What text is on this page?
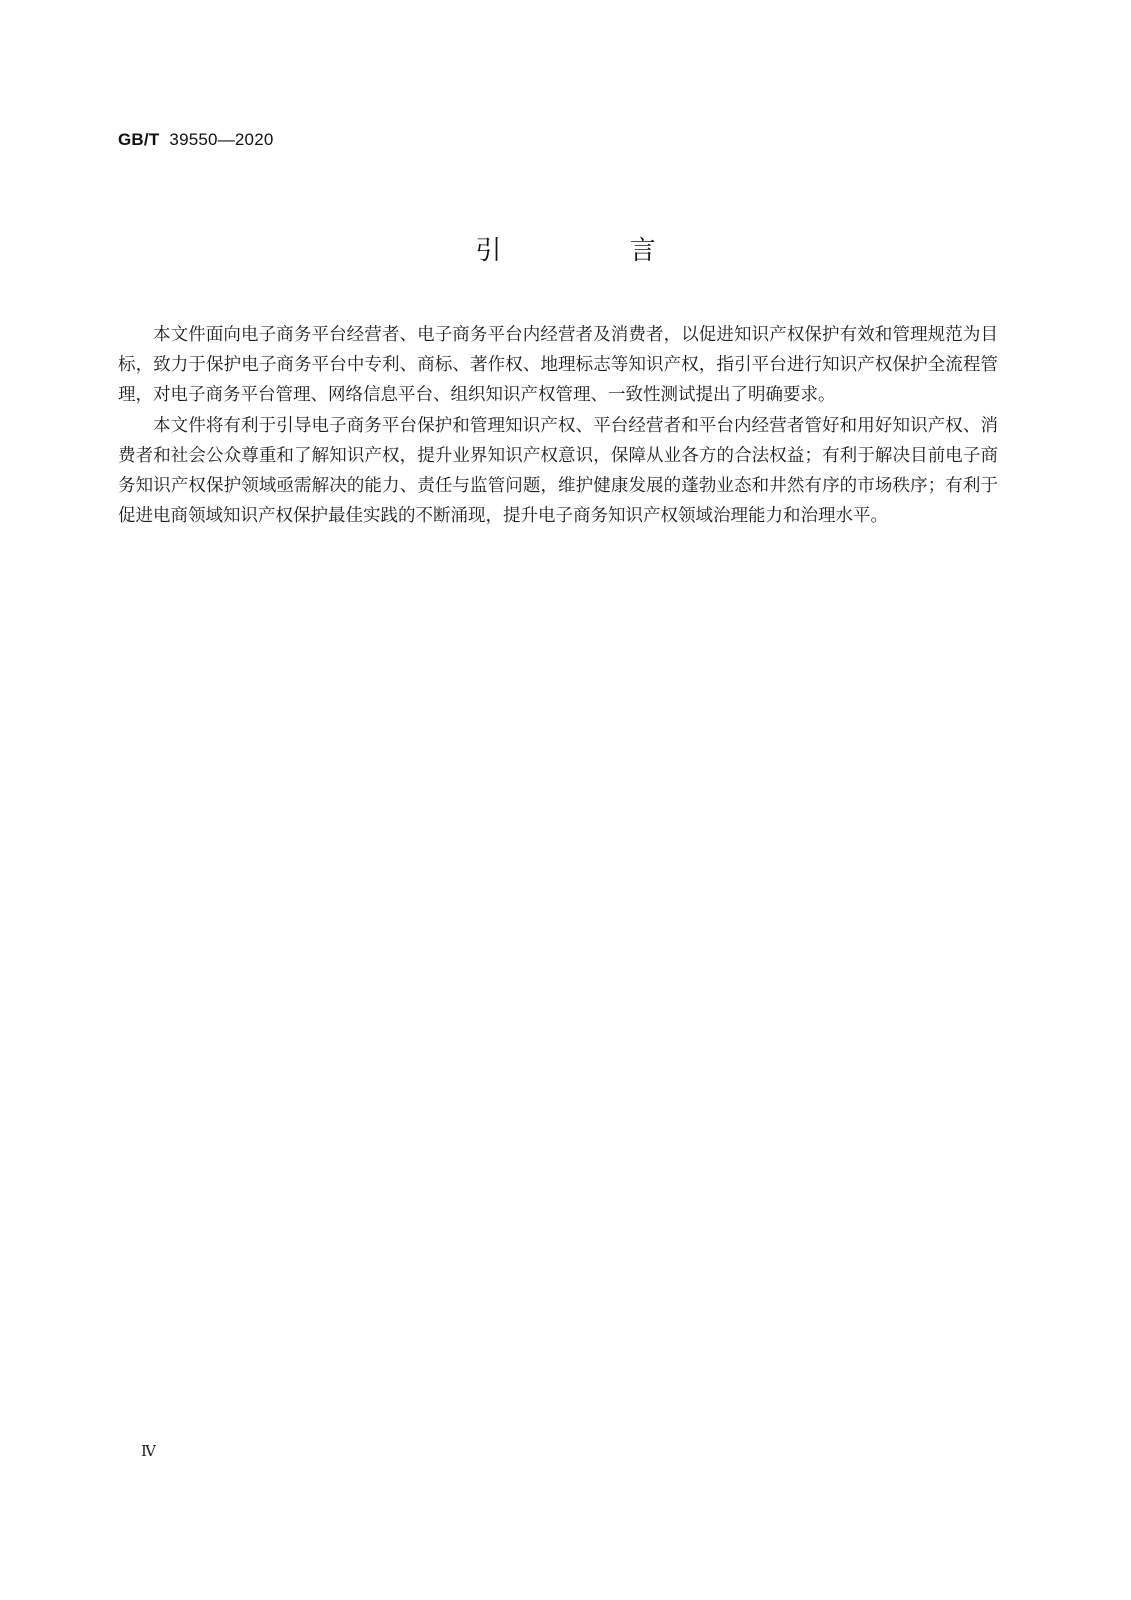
GB/T 39550—2020
引 言

本文件面向电子商务平台经营者、电子商务平台内经营者及消费者，以促进知识产权保护有效和管理规范为目标，致力于保护电子商务平台中专利、商标、著作权、地理标志等知识产权，指引平台进行知识产权保护全流程管理，对电子商务平台管理、网络信息平台、组织知识产权管理、一致性测试提出了明确要求。

本文件将有利于引导电子商务平台保护和管理知识产权、平台经营者和平台内经营者管好和用好知识产权、消费者和社会公众尊重和了解知识产权，提升业界知识产权意识，保障从业各方的合法权益；有利于解决目前电子商务知识产权保护领域亟需解决的能力、责任与监管问题，维护健康发展的蓬勃业态和井然有序的市场秩序；有利于促进电商领域知识产权保护最佳实践的不断涌现，提升电子商务知识产权领域治理能力和治理水平。

Ⅳ
